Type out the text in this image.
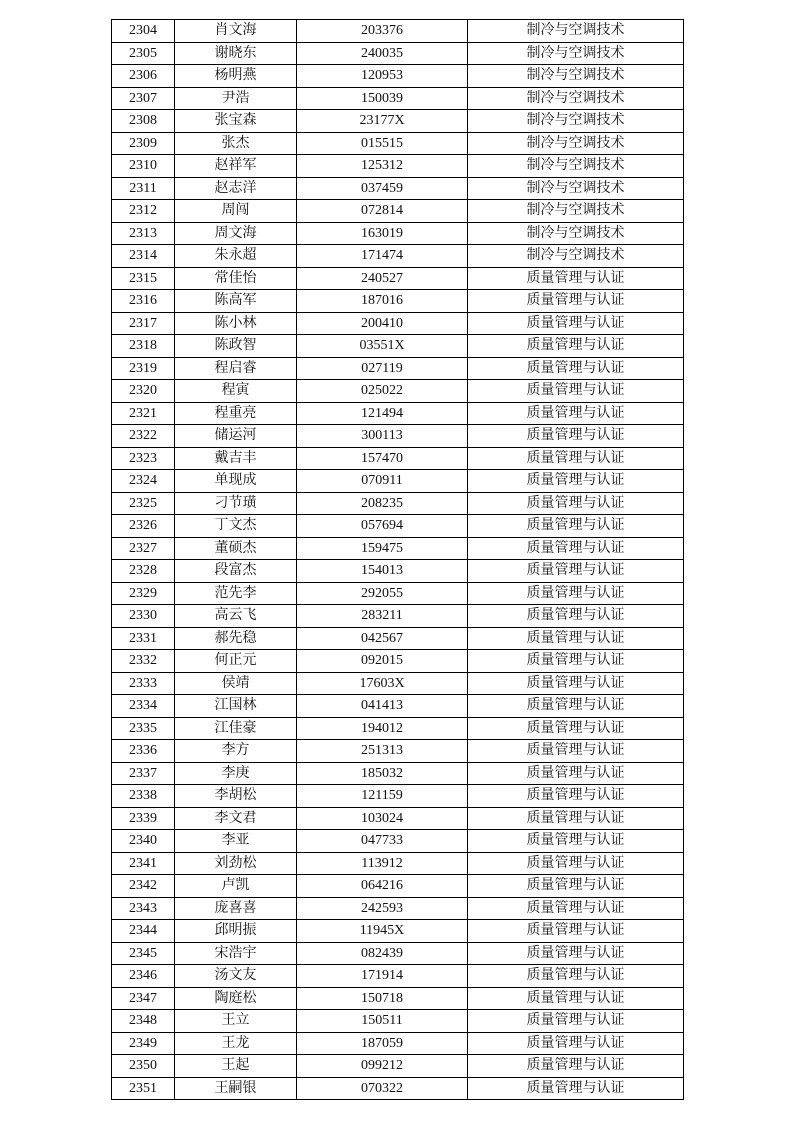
2304	肖文海	203376	制冷与空调技术
2305	谢晓东	240035	制冷与空调技术
2306	杨明燕	120953	制冷与空调技术
2307	尹浩	150039	制冷与空调技术
2308	张宝森	23177X	制冷与空调技术
2309	张杰	015515	制冷与空调技术
2310	赵祥军	125312	制冷与空调技术
2311	赵志洋	037459	制冷与空调技术
2312	周闯	072814	制冷与空调技术
2313	周文海	163019	制冷与空调技术
2314	朱永超	171474	制冷与空调技术
2315	常佳怡	240527	质量管理与认证
2316	陈高军	187016	质量管理与认证
2317	陈小林	200410	质量管理与认证
2318	陈政智	03551X	质量管理与认证
2319	程启睿	027119	质量管理与认证
2320	程寅	025022	质量管理与认证
2321	程重亮	121494	质量管理与认证
2322	储运河	300113	质量管理与认证
2323	戴吉丰	157470	质量管理与认证
2324	单现成	070911	质量管理与认证
2325	刁节璜	208235	质量管理与认证
2326	丁文杰	057694	质量管理与认证
2327	董硕杰	159475	质量管理与认证
2328	段富杰	154013	质量管理与认证
2329	范先李	292055	质量管理与认证
2330	高云飞	283211	质量管理与认证
2331	郝先稳	042567	质量管理与认证
2332	何正元	092015	质量管理与认证
2333	侯靖	17603X	质量管理与认证
2334	江国林	041413	质量管理与认证
2335	江佳豪	194012	质量管理与认证
2336	李方	251313	质量管理与认证
2337	李庚	185032	质量管理与认证
2338	李胡松	121159	质量管理与认证
2339	李文君	103024	质量管理与认证
2340	李亚	047733	质量管理与认证
2341	刘劲松	113912	质量管理与认证
2342	卢凯	064216	质量管理与认证
2343	庞喜喜	242593	质量管理与认证
2344	邱明振	11945X	质量管理与认证
2345	宋浩宇	082439	质量管理与认证
2346	汤文友	171914	质量管理与认证
2347	陶庭松	150718	质量管理与认证
2348	王立	150511	质量管理与认证
2349	王龙	187059	质量管理与认证
2350	王起	099212	质量管理与认证
2351	王嗣银	070322	质量管理与认证
